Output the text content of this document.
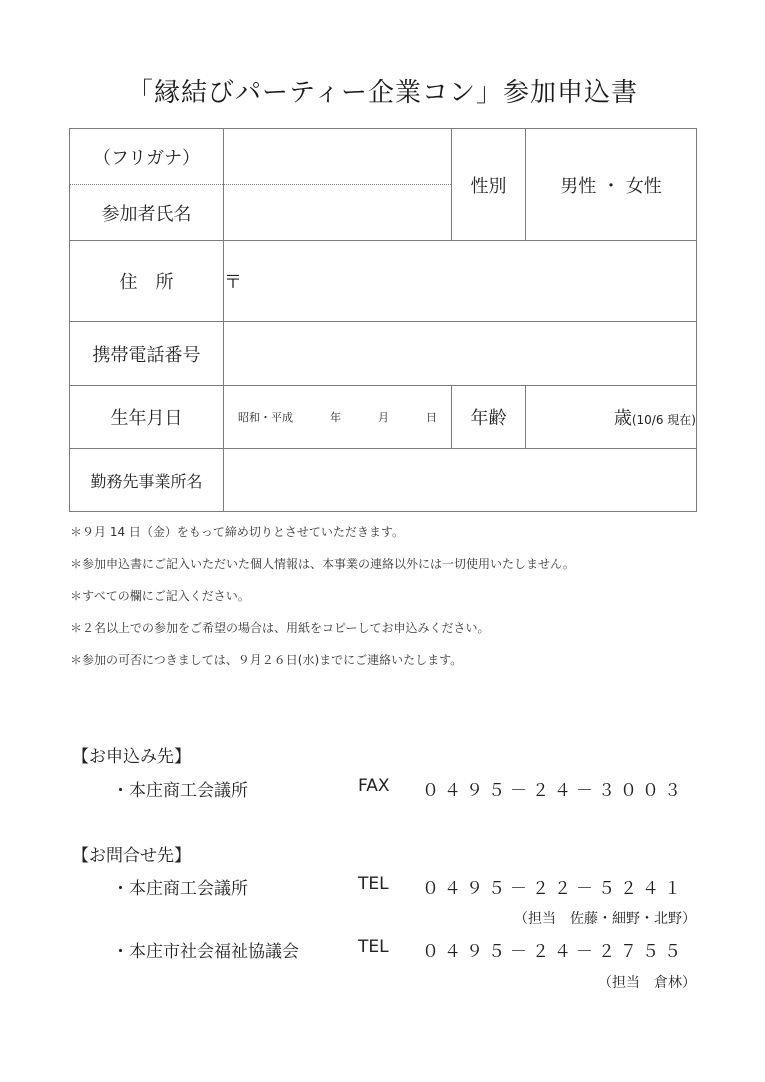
「縁結びパーティー企業コン」参加申込書
（フリガナ）		性別	男性 ・ 女性
参加者氏名			
住　所	〒		
携帯電話番号			
生年月日	昭和・平成 年 月 日	年齢	歳(10/6 現在)
勤務先事業所名			
＊９月 14 日（金）をもって締め切りとさせていただきます。
＊参加申込書にご記入いただいた個人情報は、本事業の連絡以外には一切使用いたしません。
＊すべての欄にご記入ください。
＊２名以上での参加をご希望の場合は、用紙をコピーしてお申込みください。
＊参加の可否につきましては、９月２６日(水)までにご連絡いたします。
【お申込み先】
・本庄商工会議所	FAX ０４９５－２４－３００３
【お問合せ先】
・本庄商工会議所	TEL ０４９５－２２－５２４１
（担当　佐藤・細野・北野）
・本庄市社会福祉協議会	TEL ０４９５－２４－２７５５
（担当　倉林）
